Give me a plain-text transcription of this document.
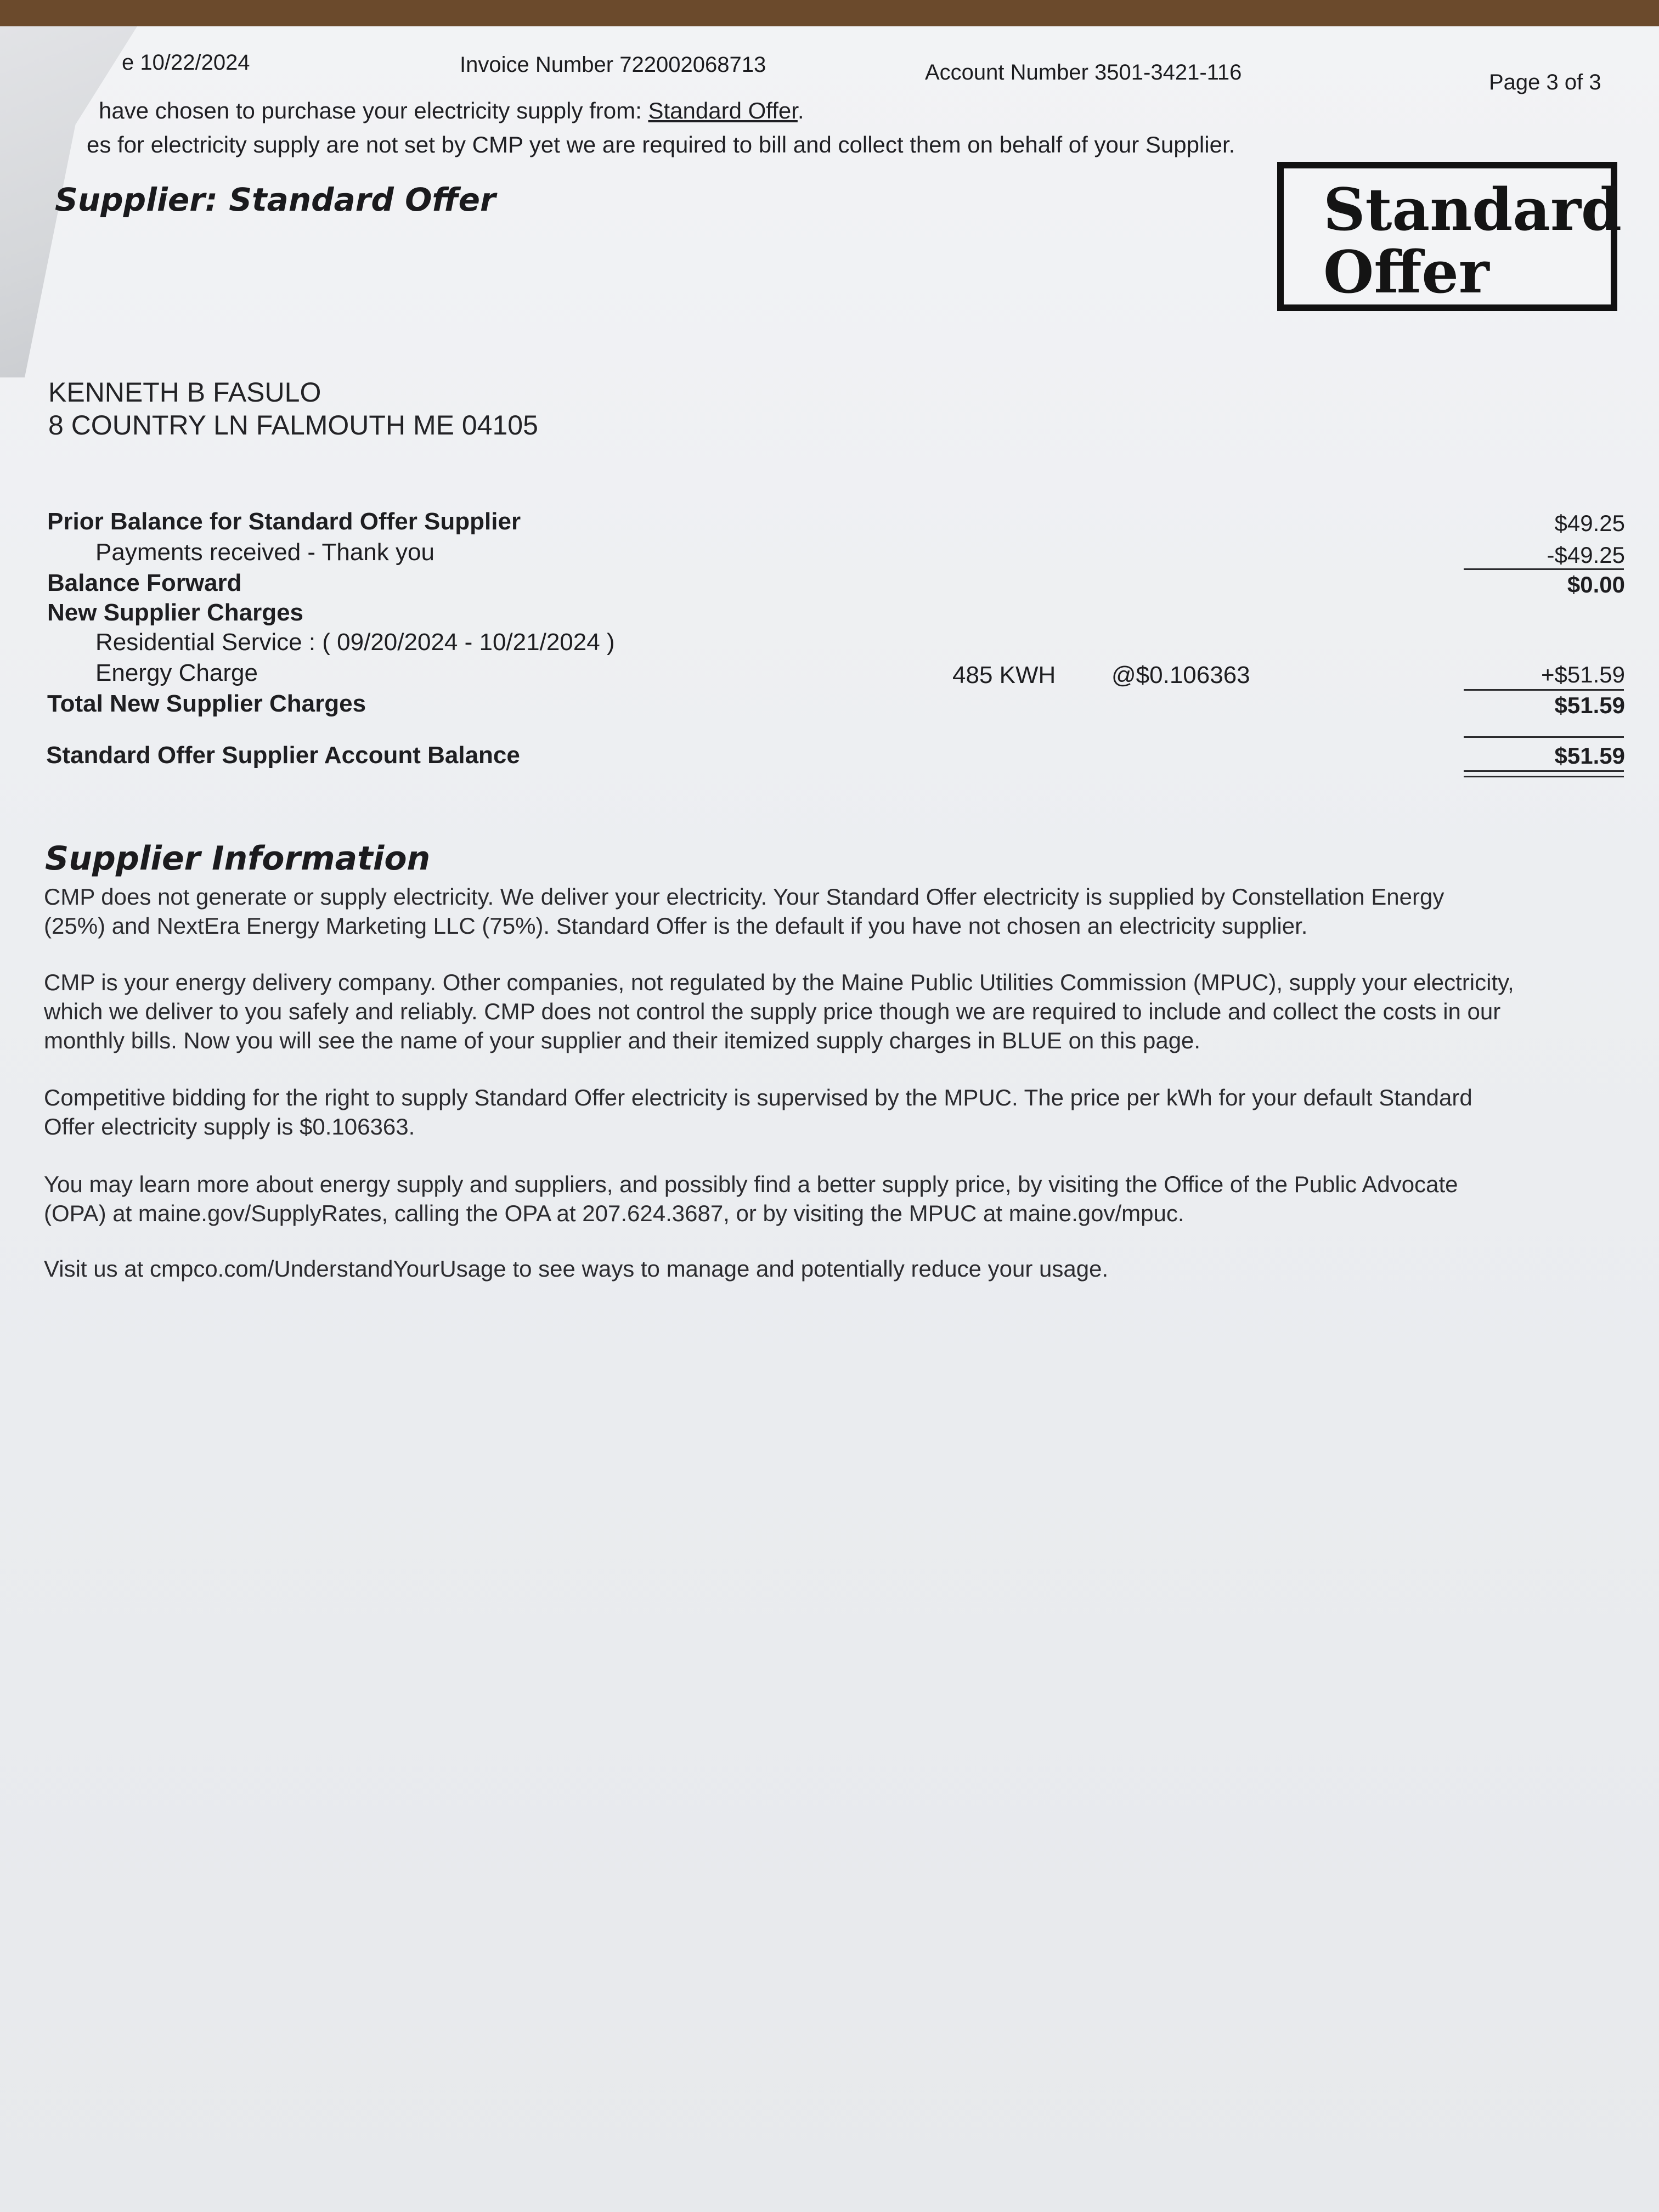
e 10/22/2024	Invoice Number 722002068713	Account Number 3501-3421-116	Page 3 of 3
have chosen to purchase your electricity supply from: Standard Offer.
es for electricity supply are not set by CMP yet we are required to bill and collect them on behalf of your Supplier.
Supplier: Standard Offer	Standard
Offer
KENNETH B FASULO
8 COUNTRY LN FALMOUTH ME 04105
Prior Balance for Standard Offer Supplier	$49.25
Payments received - Thank you	-$49.25
Balance Forward	$0.00
New Supplier Charges
Residential Service : ( 09/20/2024 - 10/21/2024 )
Energy Charge	485 KWH @$0.106363	+$51.59
Total New Supplier Charges	$51.59
Standard Offer Supplier Account Balance	$51.59
Supplier Information

CMP does not generate or supply electricity. We deliver your electricity. Your Standard Offer electricity is supplied by Constellation Energy

(25%) and NextEra Energy Marketing LLC (75%). Standard Offer is the default if you have not chosen an electricity supplier.

CMP is your energy delivery company. Other companies, not regulated by the Maine Public Utilities Commission (MPUC), supply your electricity,

which we deliver to you safely and reliably. CMP does not control the supply price though we are required to include and collect the costs in our

monthly bills. Now you will see the name of your supplier and their itemized supply charges in BLUE on this page.

Competitive bidding for the right to supply Standard Offer electricity is supervised by the MPUC. The price per kWh for your default Standard

Offer electricity supply is $0.106363.

You may learn more about energy supply and suppliers, and possibly find a better supply price, by visiting the Office of the Public Advocate

(OPA) at maine.gov/SupplyRates, calling the OPA at 207.624.3687, or by visiting the MPUC at maine.gov/mpuc.

Visit us at cmpco.com/UnderstandYourUsage to see ways to manage and potentially reduce your usage.
